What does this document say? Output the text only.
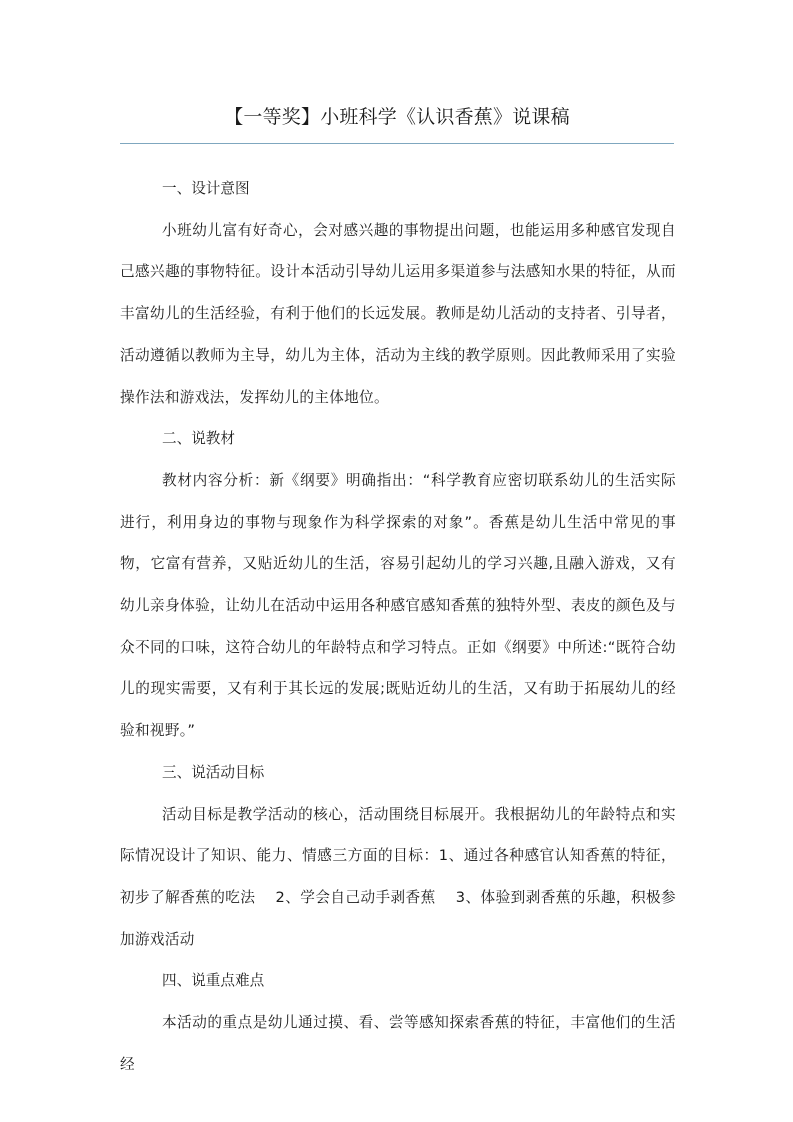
【一等奖】小班科学《认识香蕉》说课稿

一、设计意图

小班幼儿富有好奇心，会对感兴趣的事物提出问题，也能运用多种感官发现自己感兴趣的事物特征。设计本活动引导幼儿运用多渠道参与法感知水果的特征，从而丰富幼儿的生活经验，有利于他们的长远发展。教师是幼儿活动的支持者、引导者，活动遵循以教师为主导，幼儿为主体，活动为主线的教学原则。因此教师采用了实验操作法和游戏法，发挥幼儿的主体地位。

二、说教材

教材内容分析：新《纲要》明确指出：“科学教育应密切联系幼儿的生活实际进行，利用身边的事物与现象作为科学探索的对象”。香蕉是幼儿生活中常见的事物，它富有营养，又贴近幼儿的生活，容易引起幼儿的学习兴趣,且融入游戏，又有幼儿亲身体验，让幼儿在活动中运用各种感官感知香蕉的独特外型、表皮的颜色及与众不同的口味，这符合幼儿的年龄特点和学习特点。正如《纲要》中所述:“既符合幼儿的现实需要，又有利于其长远的发展;既贴近幼儿的生活，又有助于拓展幼儿的经验和视野。”

三、说活动目标

活动目标是教学活动的核心，活动围绕目标展开。我根据幼儿的年龄特点和实际情况设计了知识、能力、情感三方面的目标：1、通过各种感官认知香蕉的特征，初步了解香蕉的吃法　 2、学会自己动手剥香蕉　 3、体验到剥香蕉的乐趣，积极参加游戏活动

四、说重点难点

本活动的重点是幼儿通过摸、看、尝等感知探索香蕉的特征，丰富他们的生活经
